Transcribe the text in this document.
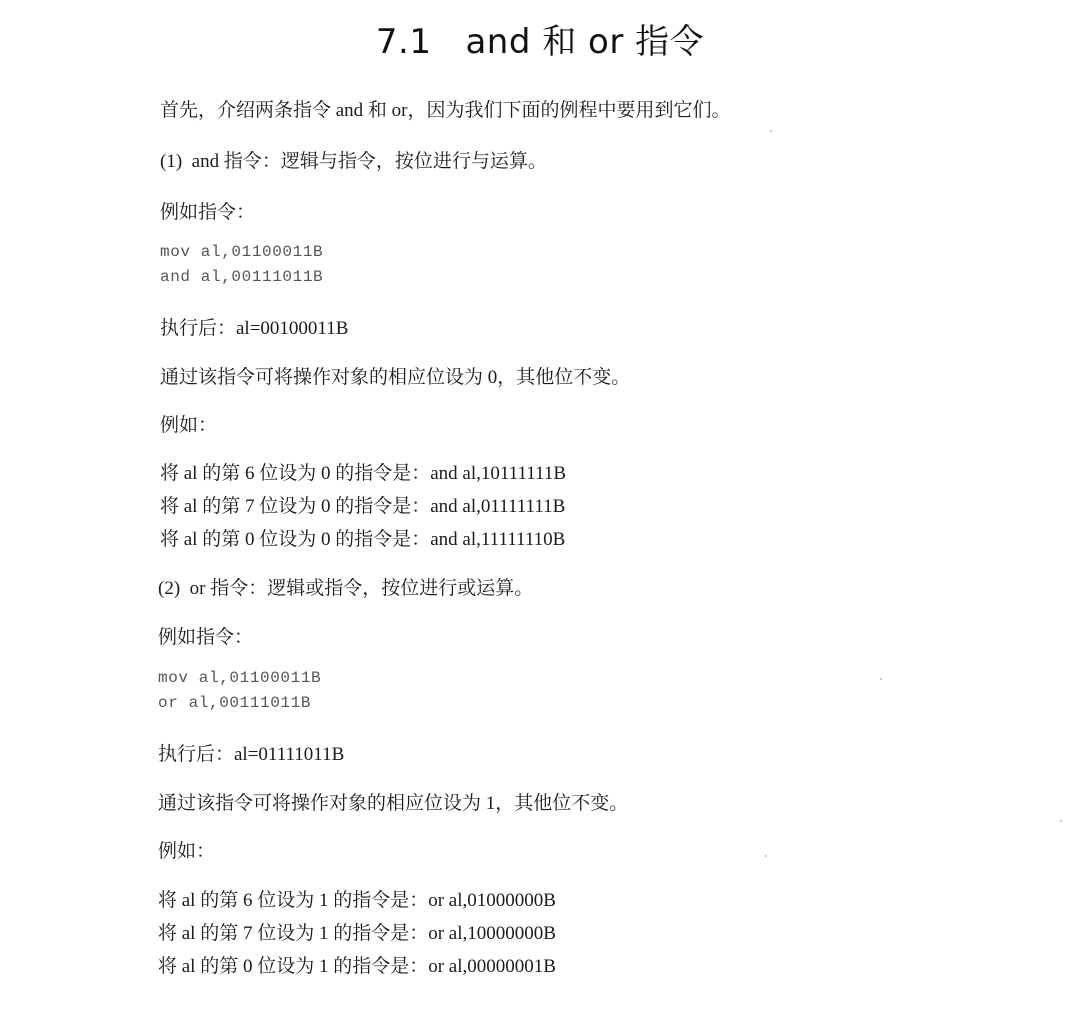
7.1 and 和 or 指令
首先，介绍两条指令 and 和 or，因为我们下面的例程中要用到它们。
(1)  and 指令：逻辑与指令，按位进行与运算。
例如指令：
mov al,01100011B
and al,00111011B
执行后：al=00100011B
通过该指令可将操作对象的相应位设为 0，其他位不变。
例如：
将 al 的第 6 位设为 0 的指令是：and al,10111111B
将 al 的第 7 位设为 0 的指令是：and al,01111111B
将 al 的第 0 位设为 0 的指令是：and al,11111110B
(2)  or 指令：逻辑或指令，按位进行或运算。
例如指令：
mov al,01100011B
or al,00111011B
执行后：al=01111011B
通过该指令可将操作对象的相应位设为 1，其他位不变。
例如：
将 al 的第 6 位设为 1 的指令是：or al,01000000B
将 al 的第 7 位设为 1 的指令是：or al,10000000B
将 al 的第 0 位设为 1 的指令是：or al,00000001B
